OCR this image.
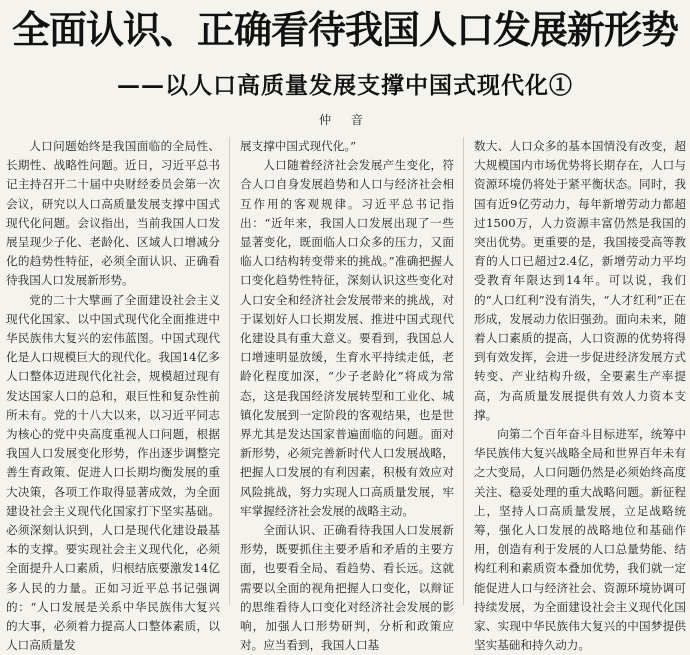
全面认识、正确看待我国人口发展新形势
——以人口高质量发展支撑中国式现代化①
仲 音

人口问题始终是我国面临的全局性、长期性、战略性问题。近日，习近平总书记主持召开二十届中央财经委员会第一次会议，研究以人口高质量发展支撑中国式现代化问题。会议指出，当前我国人口发展呈现少子化、老龄化、区域人口增减分化的趋势性特征，必须全面认识、正确看待我国人口发展新形势。

党的二十大擘画了全面建设社会主义现代化国家、以中国式现代化全面推进中华民族伟大复兴的宏伟蓝图。中国式现代化是人口规模巨大的现代化。我国14亿多人口整体迈进现代化社会，规模超过现有发达国家人口的总和，艰巨性和复杂性前所未有。党的十八大以来，以习近平同志为核心的党中央高度重视人口问题，根据我国人口发展变化形势，作出逐步调整完善生育政策、促进人口长期均衡发展的重大决策，各项工作取得显著成效，为全面建设社会主义现代化国家打下坚实基础。必须深刻认识到，人口是现代化建设最基本的支撑。要实现社会主义现代化，必须全面提升人口素质，归根结底要激发14亿多人民的力量。正如习近平总书记强调的：“人口发展是关系中华民族伟大复兴的大事，必须着力提高人口整体素质，以人口高质量发

展支撑中国式现代化。”

人口随着经济社会发展产生变化，符合人口自身发展趋势和人口与经济社会相互作用的客观规律。习近平总书记指出：“近年来，我国人口发展出现了一些显著变化，既面临人口众多的压力，又面临人口结构转变带来的挑战。”准确把握人口变化趋势性特征，深刻认识这些变化对人口安全和经济社会发展带来的挑战，对于谋划好人口长期发展、推进中国式现代化建设具有重大意义。要看到，我国总人口增速明显放缓，生育水平持续走低，老龄化程度加深，“少子老龄化”将成为常态，这是我国经济发展转型和工业化、城镇化发展到一定阶段的客观结果，也是世界尤其是发达国家普遍面临的问题。面对新形势，必须完善新时代人口发展战略，把握人口发展的有利因素，积极有效应对风险挑战，努力实现人口高质量发展，牢牢掌握经济社会发展的战略主动。

全面认识、正确看待我国人口发展新形势，既要抓住主要矛盾和矛盾的主要方面，也要看全局、看趋势、看长远。这就需要以全面的视角把握人口变化，以辩证的思维看待人口变化对经济社会发展的影响，加强人口形势研判，分析和政策应对。应当看到，我国人口基

数大、人口众多的基本国情没有改变，超大规模国内市场优势将长期存在，人口与资源环境仍将处于紧平衡状态。同时，我国有近9亿劳动力，每年新增劳动力都超过1500万，人力资源丰富仍然是我国的突出优势。更重要的是，我国接受高等教育的人口已超过2.4亿，新增劳动力平均受教育年限达到14年。可以说，我们的“人口红利”没有消失，“人才红利”正在形成，发展动力依旧强劲。面向未来，随着人口素质的提高，人口资源的优势将得到有效发挥，会进一步促进经济发展方式转变、产业结构升级，全要素生产率提高，为高质量发展提供有效人力资本支撑。

向第二个百年奋斗目标进军，统筹中华民族伟大复兴战略全局和世界百年未有之大变局，人口问题仍然是必须始终高度关注、稳妥处理的重大战略问题。新征程上，坚持人口高质量发展，立足战略统筹，强化人口发展的战略地位和基础作用，创造有利于发展的人口总量势能、结构红利和素质资本叠加优势，我们就一定能促进人口与经济社会、资源环境协调可持续发展，为全面建设社会主义现代化国家、实现中华民族伟大复兴的中国梦提供坚实基础和持久动力。
